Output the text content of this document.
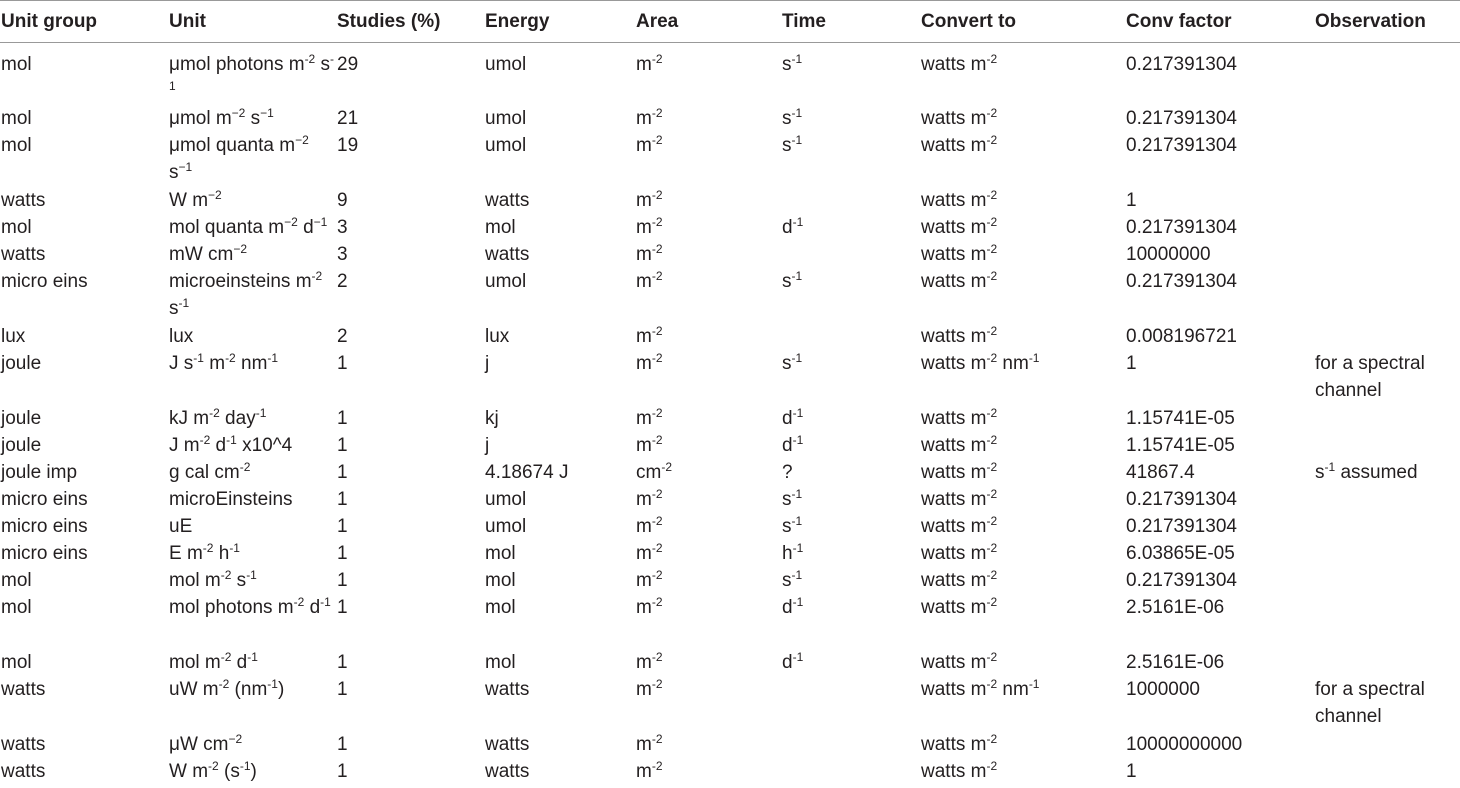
Unit group	Unit	Studies (%)	Energy	Area	Time	Convert to	Conv factor	Observation
mol	μmol photons $m^{-2}$ $s^{-1}$	29	umol	$m^{-2}$	$s^{-1}$	watts $m^{-2}$	0.217391304	
mol	μmol $m^{-2}$ $s^{-1}$	21	umol	$m^{-2}$	$s^{-1}$	watts $m^{-2}$	0.217391304	
mol	μmol quanta $m^{-2}$ $s^{-1}$	19	umol	$m^{-2}$	$s^{-1}$	watts $m^{-2}$	0.217391304	
watts	W $m^{-2}$	9	watts	$m^{-2}$		watts $m^{-2}$	1	
mol	mol quanta $m^{-2}$ $d^{-1}$	3	mol	$m^{-2}$	$d^{-1}$	watts $m^{-2}$	0.217391304	
watts	mW $cm^{-2}$	3	watts	$m^{-2}$		watts $m^{-2}$	10000000	
micro eins	microeinsteins $m^{-2}$ $s^{-1}$	2	umol	$m^{-2}$	$s^{-1}$	watts $m^{-2}$	0.217391304	
lux	lux	2	lux	$m^{-2}$		watts $m^{-2}$	0.008196721	
joule	J $s^{-1}$ $m^{-2}$ $nm^{-1}$	1	j	$m^{-2}$	$s^{-1}$	watts $m^{-2}$ $nm^{-1}$	1	for a spectral channel
joule	kJ $m^{-2}$ day$^{-1}$	1	kj	$m^{-2}$	$d^{-1}$	watts $m^{-2}$	1.15741E-05	
joule	J $m^{-2}$ $d^{-1}$ x10^4	1	j	$m^{-2}$	$d^{-1}$	watts $m^{-2}$	1.15741E-05	
joule imp	g cal $cm^{-2}$	1	4.18674 J	$cm^{-2}$	?	watts $m^{-2}$	41867.4	$s^{-1}$ assumed
micro eins	microEinsteins	1	umol	$m^{-2}$	$s^{-1}$	watts $m^{-2}$	0.217391304	
micro eins	uE	1	umol	$m^{-2}$	$s^{-1}$	watts $m^{-2}$	0.217391304	
micro eins	E $m^{-2}$ $h^{-1}$	1	mol	$m^{-2}$	$h^{-1}$	watts $m^{-2}$	6.03865E-05	
mol	mol $m^{-2}$ $s^{-1}$	1	mol	$m^{-2}$	$s^{-1}$	watts $m^{-2}$	0.217391304	
mol	mol photons $m^{-2}$ $d^{-1}$	1	mol	$m^{-2}$	$d^{-1}$	watts $m^{-2}$	2.5161E-06	
mol	mol $m^{-2}$ $d^{-1}$	1	mol	$m^{-2}$	$d^{-1}$	watts $m^{-2}$	2.5161E-06	
watts	uW $m^{-2}$ $(nm^{-1})$	1	watts	$m^{-2}$		watts $m^{-2}$ $nm^{-1}$	1000000	for a spectral channel
watts	μW $cm^{-2}$	1	watts	$m^{-2}$		watts $m^{-2}$	10000000000	
watts	W $m^{-2}$ $(s^{-1})$	1	watts	$m^{-2}$		watts $m^{-2}$	1	
